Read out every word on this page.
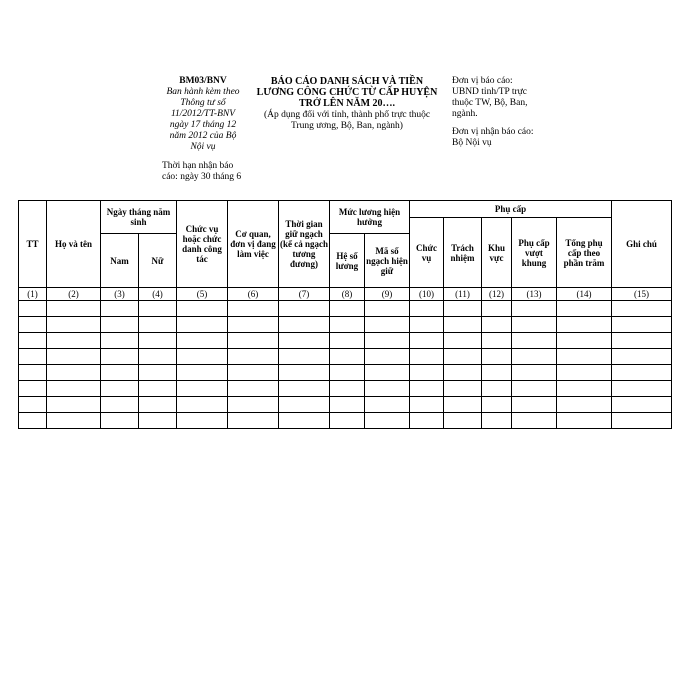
BM03/BNV
Ban hành kèm theo
Thông tư số
11/2012/TT-BNV
ngày 17 tháng 12
năm 2012 của Bộ
Nội vụ
Thời hạn nhận báo
cáo: ngày 30 tháng 6
BÁO CÁO DANH SÁCH VÀ TIỀN
LƯƠNG CÔNG CHỨC TỪ CẤP HUYỆN
TRỞ LÊN NĂM 20….
(Áp dụng đối với tỉnh, thành phố trực thuộc
Trung ương, Bộ, Ban, ngành)
Đơn vị báo cáo:
UBND tỉnh/TP trực
thuộc TW, Bộ, Ban,
ngành.
Đơn vị nhận báo cáo:
Bộ Nội vụ
TT	Họ và tên	Ngày tháng năm sinh		Chức vụ hoặc chức danh công tác	Cơ quan, đơn vị đang làm việc	Thời gian giữ ngạch (kể cả ngạch tương đương)	Mức lương hiện hưởng		Phụ cấp					Ghi chú
									Chức vụ	Trách nhiệm	Khu vực	Phụ cấp vượt khung	Tổng phụ cấp theo phần trăm	
		Nam	Nữ				Hệ số lương	Mã số ngạch hiện giữ						
(1)	(2)	(3)	(4)	(5)	(6)	(7)	(8)	(9)	(10)	(11)	(12)	(13)	(14)	(15)
